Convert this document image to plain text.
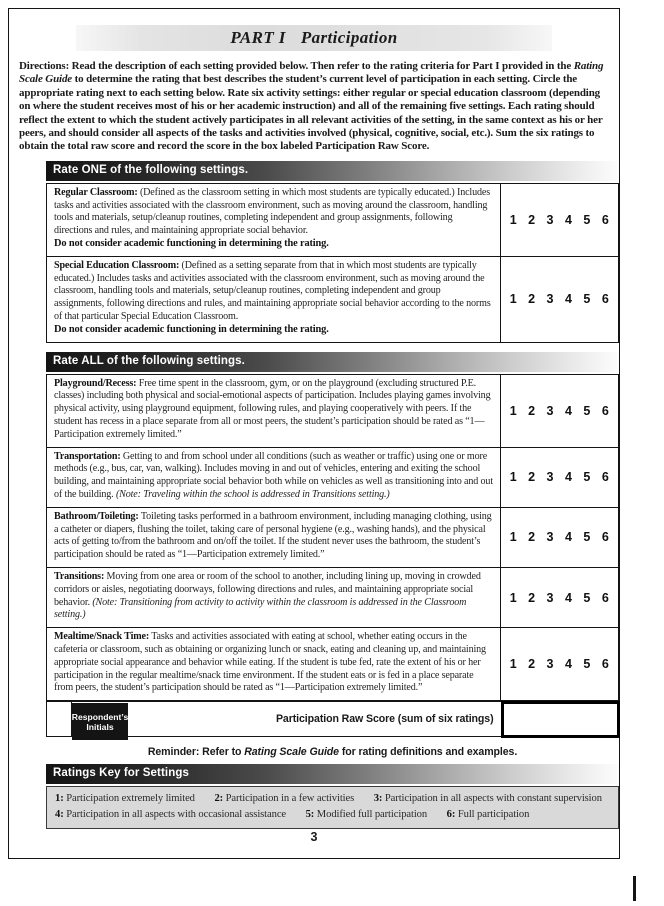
PART I Participation

Directions: Read the description of each setting provided below. Then refer to the rating criteria for Part I provided in the Rating Scale Guide to determine the rating that best describes the student’s current level of participation in each setting. Circle the appropriate rating next to each setting below. Rate six activity settings: either regular or special education classroom (depending on where the student receives most of his or her academic instruction) and all of the remaining five settings. Each rating should reflect the extent to which the student actively participates in all relevant activities of the setting, in the same context as his or her peers, and should consider all aspects of the tasks and activities involved (physical, cognitive, social, etc.). Sum the six ratings to obtain the total raw score and record the score in the box labeled Participation Raw Score.

Rate ONE of the following settings.
Regular Classroom: (Defined as the classroom setting in which most students are typically educated.) Includes tasks and activities associated with the classroom environment, such as moving around the classroom, handling tools and materials, setup/cleanup routines, completing independent and group assignments, following directions and rules, and maintaining appropriate social behavior.
Do not consider academic functioning in determining the rating.
1 2 3 4 5 6
Special Education Classroom: (Defined as a setting separate from that in which most students are typically educated.) Includes tasks and activities associated with the classroom environment, such as moving around the classroom, handling tools and materials, setup/cleanup routines, completing independent and group assignments, following directions and rules, and maintaining appropriate social behavior according to the norms of that particular Special Education Classroom.
Do not consider academic functioning in determining the rating.
1 2 3 4 5 6
Rate ALL of the following settings.
Playground/Recess: Free time spent in the classroom, gym, or on the playground (excluding structured P.E. classes) including both physical and social-emotional aspects of participation. Includes playing games involving physical activity, using playground equipment, following rules, and playing cooperatively with peers. If the student has recess in a place separate from all or most peers, the student’s participation should be rated as “1—Participation extremely limited.”
1 2 3 4 5 6
Transportation: Getting to and from school under all conditions (such as weather or traffic) using one or more methods (e.g., bus, car, van, walking). Includes moving in and out of vehicles, entering and exiting the school building, and maintaining appropriate social behavior both while on vehicles as well as transitioning into and out of the building. (Note: Traveling within the school is addressed in Transitions setting.)
1 2 3 4 5 6
Bathroom/Toileting: Toileting tasks performed in a bathroom environment, including managing clothing, using a catheter or diapers, flushing the toilet, taking care of personal hygiene (e.g., washing hands), and the physical acts of getting to/from the bathroom and on/off the toilet. If the student never uses the bathroom, the student’s participation should be rated as “1—Participation extremely limited.”
1 2 3 4 5 6
Transitions: Moving from one area or room of the school to another, including lining up, moving in crowded corridors or aisles, negotiating doorways, following directions and rules, and maintaining appropriate social behavior. (Note: Transitioning from activity to activity within the classroom is addressed in the Classroom setting.)
1 2 3 4 5 6
Mealtime/Snack Time: Tasks and activities associated with eating at school, whether eating occurs in the cafeteria or classroom, such as obtaining or organizing lunch or snack, eating and cleaning up, and maintaining appropriate social appearance and behavior while eating. If the student is tube fed, rate the extent of his or her participation in the regular mealtime/snack time environment. If the student eats or is fed in a place separate from peers, the student’s participation should be rated as “1—Participation extremely limited.”
1 2 3 4 5 6
Respondent’s Initials
Participation Raw Score (sum of six ratings)

Reminder: Refer to Rating Scale Guide for rating definitions and examples.

Ratings Key for Settings
1: Participation extremely limited 2: Participation in a few activities 3: Participation in all aspects with constant supervision
4: Participation in all aspects with occasional assistance 5: Modified full participation 6: Full participation
3
